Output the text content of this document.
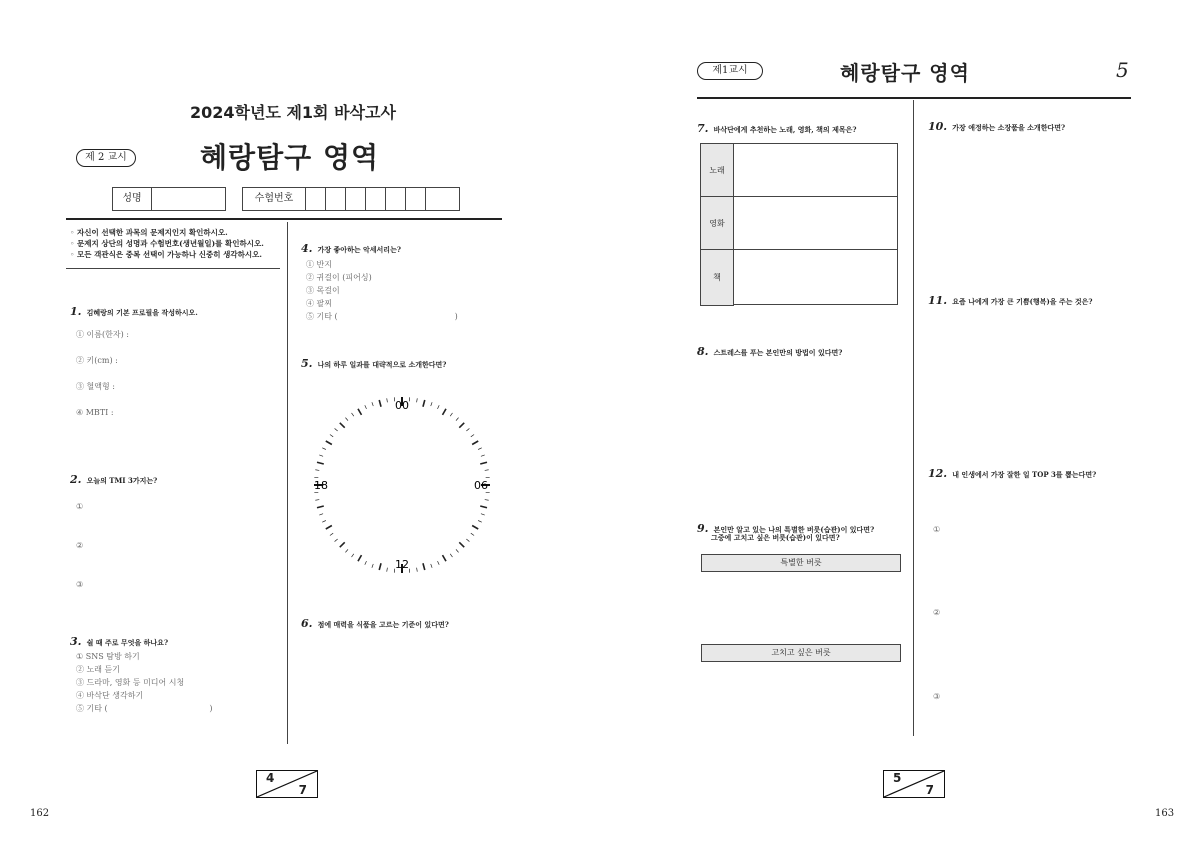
2024학년도 제1회 바삭고사
제 2 교시	혜랑탐구 영역
성명	수험번호
◦ 자신이 선택한 과목의 문제지인지 확인하시오.
◦ 문제지 상단의 성명과 수험번호(생년월일)를 확인하시오.
◦ 모든 객관식은 중복 선택이 가능하나 신중히 생각하시오.
1. 김혜랑의 기본 프로필을 작성하시오.
① 이름(한자) :
② 키(cm) :
③ 혈액형 :
④ MBTI :
2. 오늘의 TMI 3가지는?
①
②
③
3. 쉴 때 주로 무엇을 하나요?
① SNS 탐방 하기
② 노래 듣기
③ 드라마, 영화 등 미디어 시청
④ 바삭단 생각하기
⑤ 기타 (                                        )
4. 가장 좋아하는 악세서리는?
① 반지
② 귀걸이 (피어싱)
③ 목걸이
④ 팔찌
⑤ 기타 (                                              )
5. 나의 하루 일과를 대략적으로 소개한다면?
00
12
18	06
6. 점에 매력을 식품을 고르는 기준이 있다면?
4
7
162
제1교시	혜랑탐구 영역	5
7. 바삭단에게 추천하는 노래, 영화, 책의 제목은?
노래
영화
책
8. 스트레스를 푸는 본인만의 방법이 있다면?
9. 본인만 알고 있는 나의 특별한 버릇(습관)이 있다면?
그중에 고치고 싶은 버릇(습관)이 있다면?
특별한 버릇
고치고 싶은 버릇
10. 가장 애정하는 소장품을 소개한다면?
11. 요즘 나에게 가장 큰 기쁨(행복)을 주는 것은?
12. 내 인생에서 가장 잘한 일 TOP 3를 뽑는다면?
①
②
③
5
7
163
